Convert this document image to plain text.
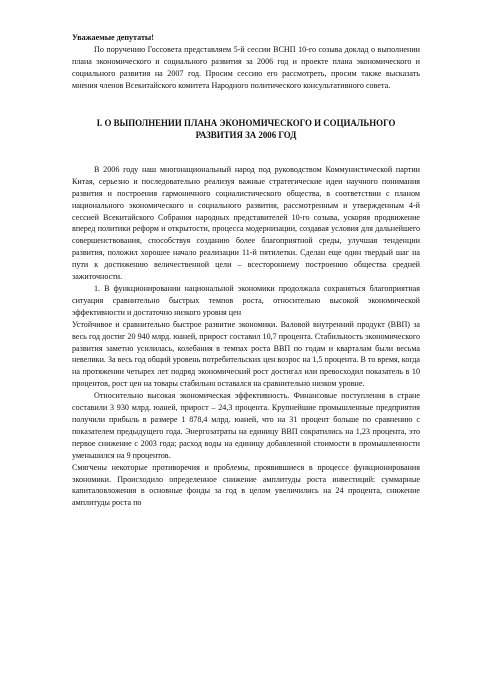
Уважаемые депутаты!

По поручению Госсовета представляем 5-й сессии ВСНП 10-го созыва доклад о выполнении плана экономического и социального развития за 2006 год и проекте плана экономического и социального развития на 2007 год. Просим сессию его рассмотреть, просим также высказать мнения членов Всекитайского комитета Народного политического консультативного совета.

I. О ВЫПОЛНЕНИИ ПЛАНА ЭКОНОМИЧЕСКОГО И СОЦИАЛЬНОГО РАЗВИТИЯ ЗА 2006 ГОД

В 2006 году наш многонациональный народ под руководством Коммунистической партии Китая, серьезно и последовательно реализуя важные стратегические идеи научного понимания развития и построения гармоничного социалистического общества, в соответствии с планом национального экономического и социального развития, рассмотренным и утвержденным 4-й сессией Всекитайского Собрания народных представителей 10-го созыва, ускоряя продвижение вперед политики реформ и открытости, процесса модернизации, создавая условия для дальнейшего совершенствования, способствуя созданию более благоприятной среды, улучшая тенденции развития, положил хорошее начало реализации 11-й пятилетки. Сделан еще один твердый шаг на пути к достижению величественной цели – всестороннему построению общества средней зажиточности.

1. В функционировании национальной экономики продолжала сохраняться благоприятная ситуация сравнительно быстрых темпов роста, относительно высокой экономической эффективности и достаточно низкого уровня цен

Устойчивое и сравнительно быстрое развитие экономики. Валовой внутренний продукт (ВВП) за весь год достиг 20 940 млрд. юаней, прирост составил 10,7 процента. Стабильность экономического развития заметно усилилась, колебания в темпах роста ВВП по годам и кварталам были весьма невелики. За весь год общий уровень потребительских цен возрос на 1,5 процента. В то время, когда на протяжении четырех лет подряд экономический рост достигал или превосходил показатель в 10 процентов, рост цен на товары стабильно оставался на сравнительно низком уровне.

Относительно высокая экономическая эффективность. Финансовые поступления в стране составили 3 930 млрд. юаней, прирост – 24,3 процента. Крупнейшие промышленные предприятия получили прибыль в размере 1 878,4 млрд. юаней, что на 31 процент больше по сравнению с показателем предыдущего года. Энергозатраты на единицу ВВП сократились на 1,23 процента, это первое снижение с 2003 года; расход воды на единицу добавленной стоимости в промышленности уменьшился на 9 процентов.

Смягчены некоторые противоречия и проблемы, проявившиеся в процессе функционирования экономики. Происходило определенное снижение амплитуды роста инвестиций: суммарные капиталовложения в основные фонды за год в целом увеличились на 24 процента, снижение амплитуды роста по
